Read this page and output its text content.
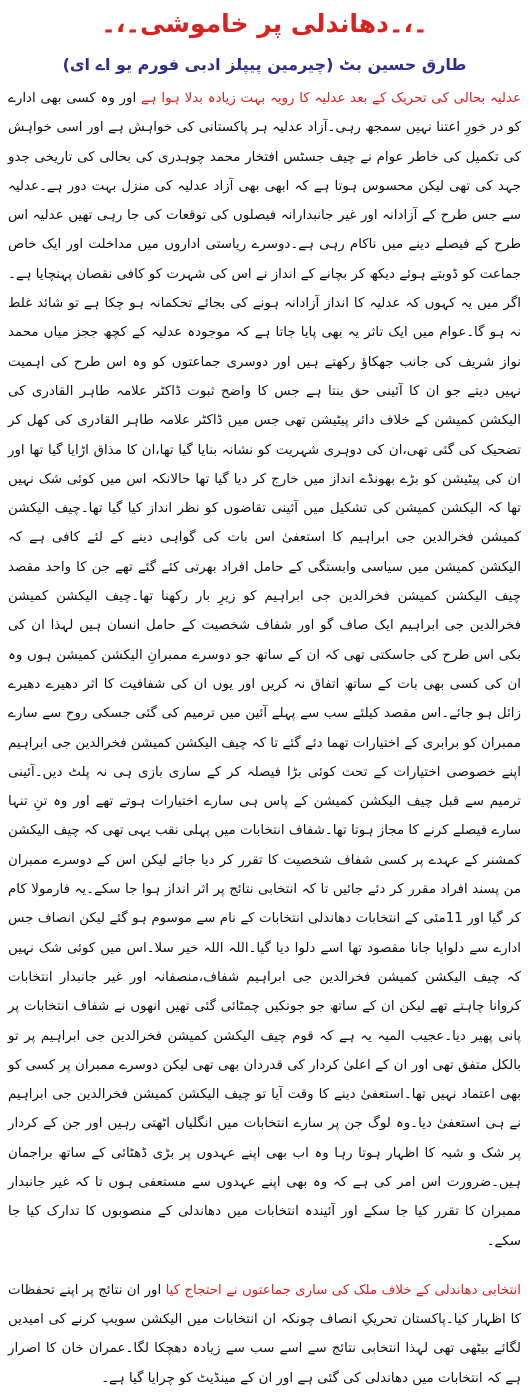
۔،۔دھاندلی پر خاموشی۔،۔

طارق حسین بٹ (چیرمین پیپلز ادبی فورم یو اے ای)

عدلیہ بحالی کی تحریک کے بعد عدلیہ کا رویہ بہت زیادہ بدلا ہوا ہے اور وہ کسی بھی ادارے کو در خورِ اعتنا نہیں سمجھ رہی۔آزاد عدلیہ ہر پاکستانی کی خواہش ہے اور اسی خواہش کی تکمیل کی خاطر عوام نے چیف جسٹس افتخار محمد چوہدری کی بحالی کی تاریخی جدو جہد کی تھی لیکن محسوس ہوتا ہے کہ ابھی بھی آزاد عدلیہ کی منزل بہت دور ہے۔عدلیہ سے جس طرح کے آزادانہ اور غیر جانبدارانہ فیصلوں کی توقعات کی جا رہی تھیں عدلیہ اس طرح کے فیصلے دینے میں ناکام رہی ہے۔دوسرے ریاستی اداروں میں مداخلت اور ایک خاص جماعت کو ڈوبتے ہوئے دیکھ کر بچانے کے انداز نے اس کی شہرت کو کافی نقصان پہنچایا ہے۔اگر میں یہ کہوں کہ عدلیہ کا انداز آزادانہ ہونے کی بجائے تحکمانہ ہو چکا ہے تو شائد غلط نہ ہو گا۔عوام میں ایک تاثر یہ بھی پایا جاتا ہے کہ موجودہ عدلیہ کے کچھ ججز میاں محمد نواز شریف کی جانب جھکاؤ رکھتے ہیں اور دوسری جماعتوں کو وہ اس طرح کی اہمیت نہیں دیتے جو ان کا آئینی حق بنتا ہے جس کا واضح ثبوت ڈاکٹر علامہ طاہر القادری کی الیکشن کمیشن کے خلاف دائر پیٹیشن تھی جس میں ڈاکٹر علامہ طاہر القادری کی کھل کر تضحیک کی گئی تھی،ان کی دوہری شہریت کو نشانہ بنایا گیا تھا،ان کا مذاق اڑایا گیا تھا اور ان کی پیٹیشن کو بڑے بھونڈے انداز میں خارج کر دیا گیا تھا حالانکہ اس میں کوئی شک نہیں تھا کہ الیکشن کمیشن کی تشکیل میں آئینی تقاضوں کو نظر انداز کیا گیا تھا۔چیف الیکشن کمیشن فخرالدین جی ابراہیم کا استعفیٰ اس بات کی گواہی دینے کے لئے کافی ہے کہ الیکشن کمیشن میں سیاسی وابستگی کے حامل افراد بھرتی کئے گئے تھے جن کا واحد مقصد چیف الیکشن کمیشن فخرالدین جی ابراہیم کو زیرِ بار رکھنا تھا۔چیف الیکشن کمیشن فخرالدین جی ابراہیم ایک صاف گو اور شفاف شخصیت کے حامل انسان ہیں لہذا ان کی بکی اس طرح کی جاسکتی تھی کہ ان کے ساتھ جو دوسرے ممبرانِ الیکشن کمیشن ہوں وہ ان کی کسی بھی بات کے ساتھ اتفاق نہ کریں اور یوں ان کی شفافیت کا اثر دھیرے دھیرے زائل ہو جائے۔اس مقصد کیلئے سب سے پہلے آئین میں ترمیم کی گئی جسکی روح سے سارے ممبران کو برابری کے اختیارات تھما دئے گئے تا کہ چیف الیکشن کمیشن فخرالدین جی ابراہیم اپنے خصوصی اختیارات کے تحت کوئی بڑا فیصلہ کر کے ساری بازی ہی نہ پلٹ دیں۔آئینی ترمیم سے قبل چیف الیکشن کمیشن کے پاس ہی سارے اختیارات ہوتے تھے اور وہ تنِ تنہا سارے فیصلے کرنے کا مجاز ہوتا تھا۔شفاف انتخابات میں پہلی نقب یہی تھی کہ چیف الیکشن کمشنر کے عہدے پر کسی شفاف شخصیت کا تقرر کر دیا جائے لیکن اس کے دوسرے ممبران من پسند افراد مقرر کر دئے جائیں تا کہ انتخابی نتائج پر اثر انداز ہوا جا سکے۔یہ فارمولا کام کر گیا اور 11مئی کے انتخابات دھاندلی انتخابات کے نام سے موسوم ہو گئے لیکن انصاف جس ادارے سے دلوایا جانا مقصود تھا اسے دلوا دیا گیا۔اللہ اللہ خیر سلا۔اس میں کوئی شک نہیں کہ چیف الیکشن کمیشن فخرالدین جی ابراہیم شفاف،منصفانہ اور غیر جانبدار انتخابات کروانا چاہتے تھے لیکن ان کے ساتھ جو جونکیں چمٹائی گئی تھیں انھوں نے شفاف انتخابات پر پانی پھیر دیا۔عجیب المیہ یہ ہے کہ قوم چیف الیکشن کمیشن فخرالدین جی ابراہیم پر تو بالکل متفق تھی اور ان کے اعلیٰ کردار کی قدردان بھی تھی لیکن دوسرے ممبران پر کسی کو بھی اعتماد نہیں تھا۔استعفیٰ دینے کا وقت آیا تو چیف الیکشن کمیشن فخرالدین جی ابراہیم نے ہی استعفیٰ دیا۔وہ لوگ جن پر سارے انتخابات میں انگلیاں اٹھتی رہیں اور جن کے کردار پر شک و شبہ کا اظہار ہوتا رہا وہ اب بھی اپنے عہدوں پر بڑی ڈھٹائی کے ساتھ براجمان ہیں۔ضرورت اس امر کی ہے کہ وہ بھی اپنے عہدوں سے مستعفی ہوں تا کہ غیر جانبدار ممبران کا تقرر کیا جا سکے اور آئیندہ انتخابات میں دھاندلی کے منصوبوں کا تدارک کیا جا سکے۔

انتخابی دھاندلی کے خلاف ملک کی ساری جماعتوں نے احتجاج کیا اور ان نتائج پر اپنے تحفظات کا اظہار کیا۔پاکستان تحریکِ انصاف چونکہ ان انتخابات میں الیکشن سویپ کرنے کی امیدیں لگائے بیٹھی تھی لہذا انتخابی نتائج سے اسے سب سے زیادہ دھچکا لگا۔عمران خان کا اصرار ہے کہ انتخابات میں دھاندلی کی گئی ہے اور ان کے مینڈیٹ کو چرایا گیا ہے۔
